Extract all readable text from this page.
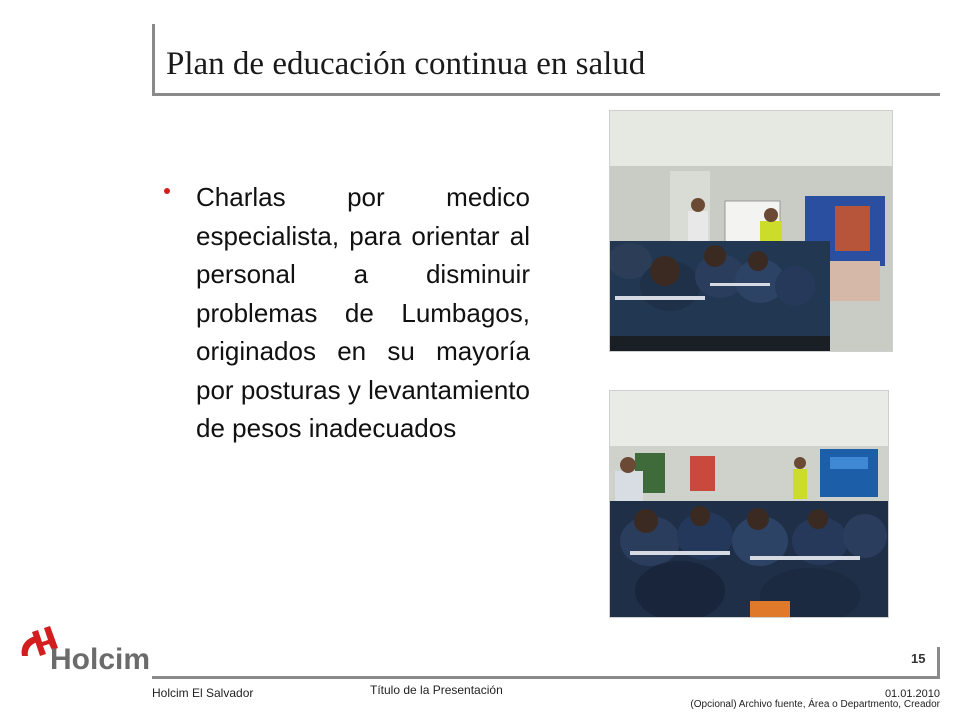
Plan de educación continua en salud
Charlas por medico especialista, para orientar al personal a disminuir problemas de Lumbagos, originados en su mayoría por posturas y levantamiento de pesos inadecuados
15
Holcim
Holcim El Salvador	Título de la Presentación	01.01.2010
(Opcional) Archivo fuente, Área o Departmento, Creador
